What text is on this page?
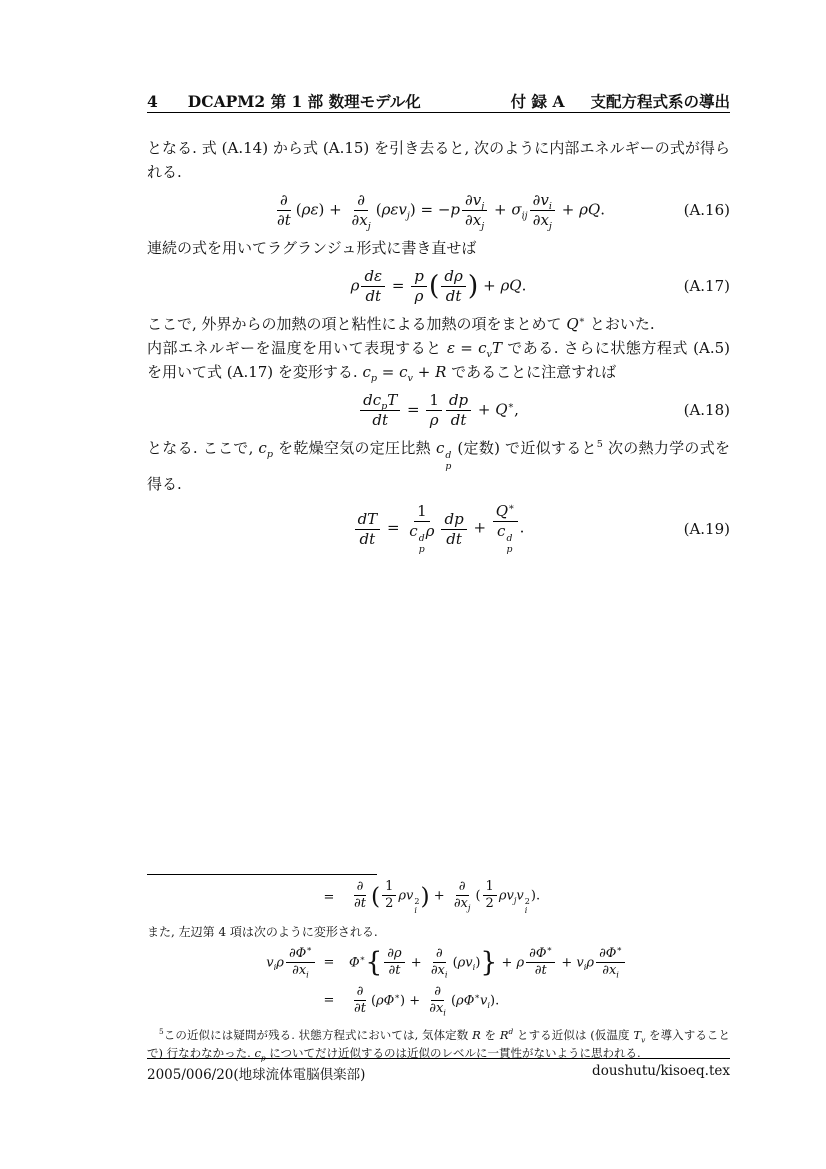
4 DCAPM2 第 1 部 数理モデル化	付 録 A 支配方程式系の導出

となる. 式 (A.14) から式 (A.15) を引き去ると, 次のように内部エネルギーの式が得られる.

$\frac{\partial}{\partial t} (\rho\varepsilon) + \frac{\partial}{\partial x_j} (\rho\varepsilon v_j) = -p \frac{\partial v_j}{\partial x_j} + \sigma_{ij} \frac{\partial v_i}{\partial x_j} + \rho Q$.	(A.16)

連続の式を用いてラグランジュ形式に書き直せば

ρ $\frac{d\varepsilon}{dt} = \frac{p}{\rho}$ ( $\frac{d\rho}{dt}$ ) + ρQ.	(A.17)

ここで, 外界からの加熱の項と粘性による加熱の項をまとめて Q∗ とおいた.

内部エネルギーを温度を用いて表現すると $\varepsilon = c_vT$ である. さらに状態方程式 (A.5) を用いて式 (A.17) を変形する. $c_p = c_v + R$ であることに注意すれば

$\frac{dc_pT}{dt} = \frac{1}{\rho} \frac{dp}{dt} + Q^∗$,	(A.18)

となる. ここで, $c_p$ を乾燥空気の定圧比熱 c d
p
(定数) で近似すると$^5$ 次の熱力学の式を得る.

$\frac{dT}{dt} = 1$
c d
p
ρ $\frac{dp}{dt} + Q^∗$
c d
p .	(A.19)
=	$\frac{\partial}{\partial t}$ ( $\frac{1}{2}$ ρv 2
i
) + $\frac{\partial}{\partial x_j}$ ( $\frac{1}{2} \rho v_jv$ 2
i
).

また, 左辺第 4 項は次のように変形される.

$v_i\rho \frac{\partial\Phi^∗}{\partial x_i}$ =	$\Phi^∗\{ \frac{\partial\rho}{\partial t} + \frac{\partial}{\partial x_i} (\rho v_i)\} + \rho \frac{\partial\Phi^∗}{\partial t} + v_i\rho \frac{\partial\Phi^∗}{\partial x_i}$
=	$\frac{\partial}{\partial t} (\rho\Phi^∗) + \frac{\partial}{\partial x_i} (\rho\Phi^∗v_i)$.

$^5$この近似には疑問が残る. 状態方程式においては, 気体定数 R を $R^d$ とする近似は (仮温度 $T_v$ を導入することで) 行なわなかった. $c_p$ についてだけ近似するのは近似のレベルに一貫性がないように思われる.

2005/006/20(地球流体電脳倶楽部)	doushutu/kisoeq.tex
